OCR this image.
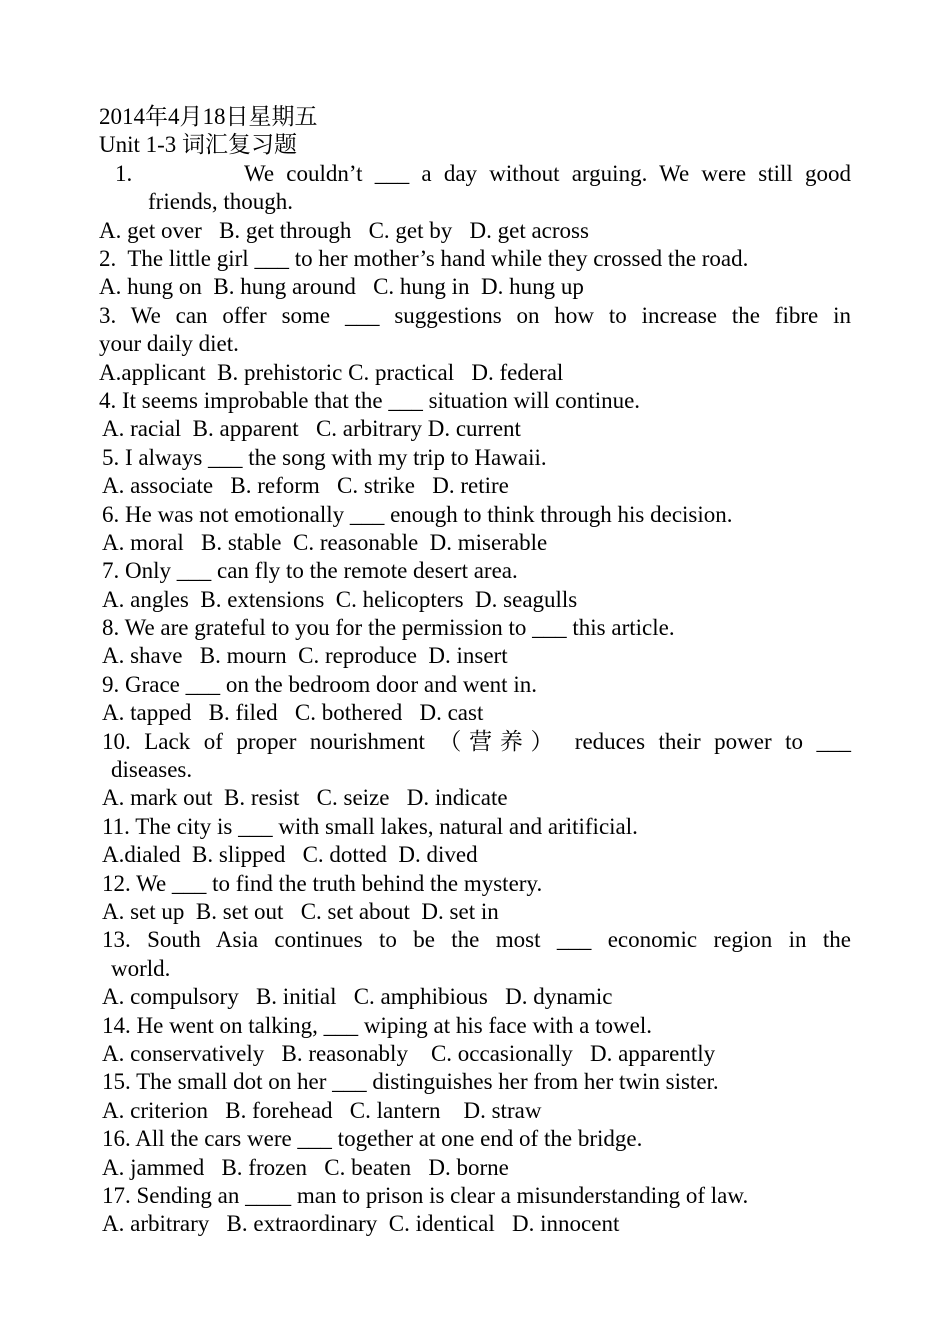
2014年4月18日星期五
Unit 1-3 词汇复习题
1.	We couldn’t ___ a day without arguing. We were still good
friends, though.
A. get over   B. get through   C. get by   D. get across
2.  The little girl ___ to her mother’s hand while they crossed the road.
A. hung on  B. hung around   C. hung in  D. hung up
3. We can offer some ___ suggestions on how to increase the fibre in
your daily diet.
A.applicant  B. prehistoric C. practical   D. federal
4. It seems improbable that the ___ situation will continue.
A. racial  B. apparent   C. arbitrary D. current
5. I always ___ the song with my trip to Hawaii.
A. associate   B. reform   C. strike   D. retire
6. He was not emotionally ___ enough to think through his decision.
A. moral   B. stable  C. reasonable  D. miserable
7. Only ___ can fly to the remote desert area.
A. angles  B. extensions  C. helicopters  D. seagulls
8. We are grateful to you for the permission to ___ this article.
A. shave   B. mourn  C. reproduce  D. insert
9. Grace ___ on the bedroom door and went in.
A. tapped   B. filed   C. bothered   D. cast
10. Lack of proper nourishment （营养） reduces their power to ___
diseases.
A. mark out  B. resist   C. seize   D. indicate
11. The city is ___ with small lakes, natural and aritificial.
A.dialed  B. slipped   C. dotted  D. dived
12. We ___ to find the truth behind the mystery.
A. set up  B. set out   C. set about  D. set in
13. South Asia continues to be the most ___ economic region in the
world.
A. compulsory   B. initial   C. amphibious   D. dynamic
14. He went on talking, ___ wiping at his face with a towel.
A. conservatively   B. reasonably    C. occasionally   D. apparently
15. The small dot on her ___ distinguishes her from her twin sister.
A. criterion   B. forehead   C. lantern    D. straw
16. All the cars were ___ together at one end of the bridge.
A. jammed   B. frozen   C. beaten   D. borne
17. Sending an ____ man to prison is clear a misunderstanding of law.
A. arbitrary   B. extraordinary  C. identical   D. innocent
